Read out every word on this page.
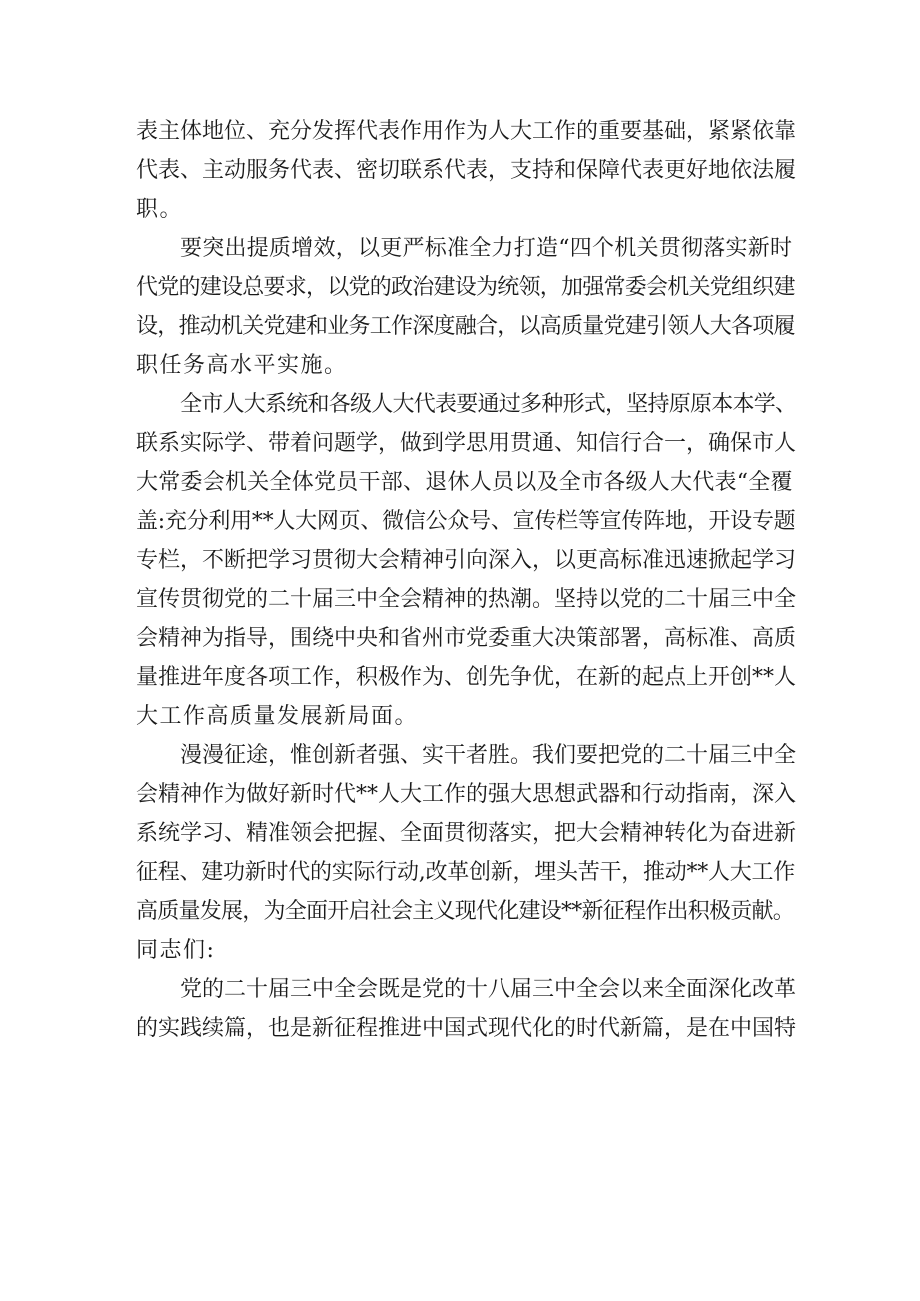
表主体地位、充分发挥代表作用作为人大工作的重要基础，紧紧依靠
代表、主动服务代表、密切联系代表，支持和保障代表更好地依法履
职。
要突出提质增效，以更严标准全力打造“四个机关贯彻落实新时
代党的建设总要求，以党的政治建设为统领，加强常委会机关党组织建
设，推动机关党建和业务工作深度融合，以高质量党建引领人大各项履
职任务高水平实施。
全市人大系统和各级人大代表要通过多种形式，坚持原原本本学、
联系实际学、带着问题学，做到学思用贯通、知信行合一，确保市人
大常委会机关全体党员干部、退休人员以及全市各级人大代表“全覆
盖:充分利用**人大网页、微信公众号、宣传栏等宣传阵地，开设专题
专栏，不断把学习贯彻大会精神引向深入，以更高标准迅速掀起学习
宣传贯彻党的二十届三中全会精神的热潮。坚持以党的二十届三中全
会精神为指导，围绕中央和省州市党委重大决策部署，高标准、高质
量推进年度各项工作，积极作为、创先争优，在新的起点上开创**人
大工作高质量发展新局面。
漫漫征途，惟创新者强、实干者胜。我们要把党的二十届三中全
会精神作为做好新时代**人大工作的强大思想武器和行动指南，深入
系统学习、精准领会把握、全面贯彻落实，把大会精神转化为奋进新
征程、建功新时代的实际行动,改革创新，埋头苦干，推动**人大工作
高质量发展，为全面开启社会主义现代化建设**新征程作出积极贡献。
同志们:
党的二十届三中全会既是党的十八届三中全会以来全面深化改革
的实践续篇，也是新征程推进中国式现代化的时代新篇，是在中国特
